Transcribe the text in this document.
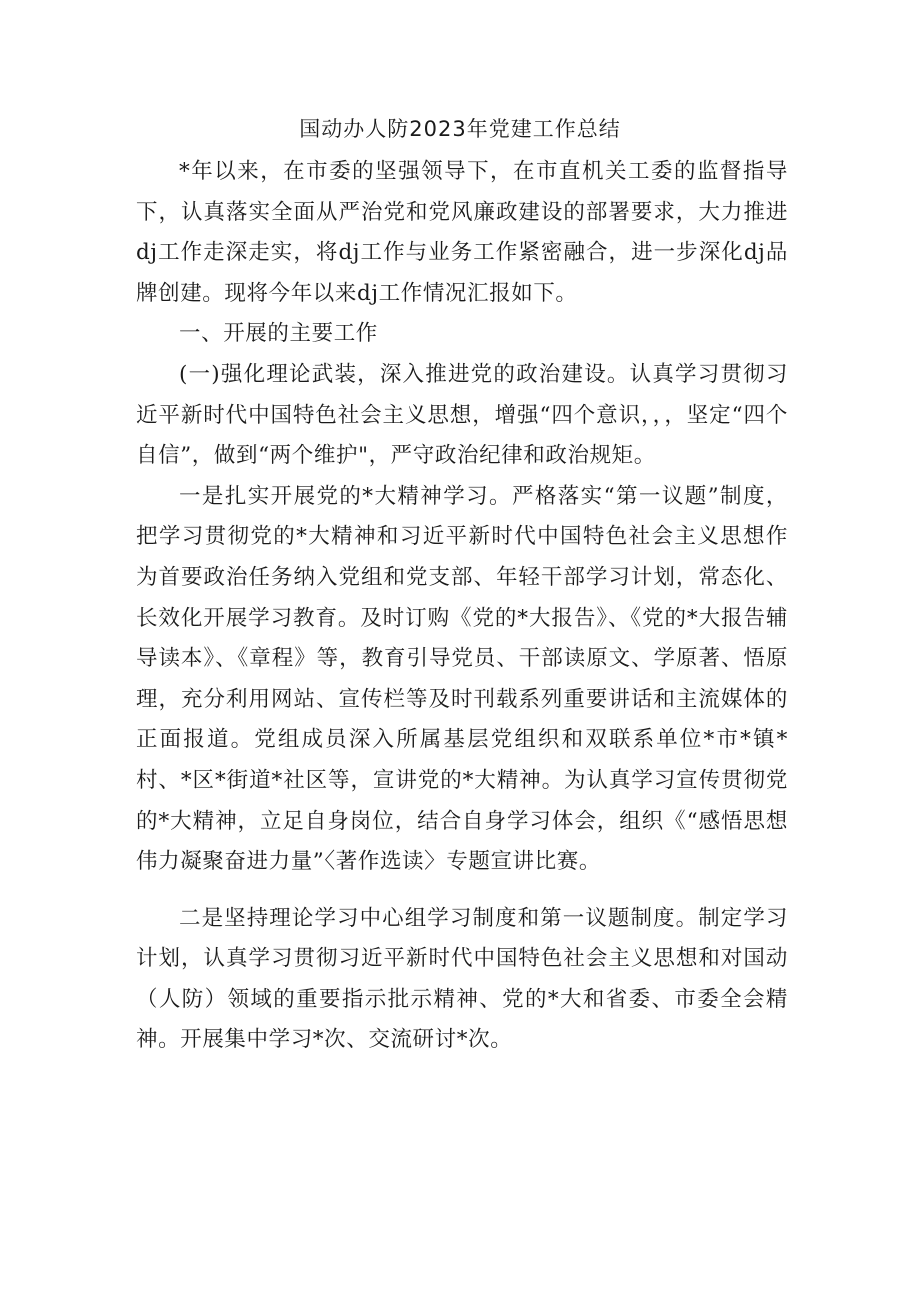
国动办人防2023年党建工作总结

*年以来，在市委的坚强领导下，在市直机关工委的监督指导下，认真落实全面从严治党和党风廉政建设的部署要求，大力推进dj工作走深走实，将dj工作与业务工作紧密融合，进一步深化dj品牌创建。现将今年以来dj工作情况汇报如下。

一、开展的主要工作

(一)强化理论武装，深入推进党的政治建设。认真学习贯彻习近平新时代中国特色社会主义思想，增强“四个意识，，，坚定“四个自信”，做到“两个维护"，严守政治纪律和政治规矩。

一是扎实开展党的*大精神学习。严格落实“第一议题”制度，把学习贯彻党的*大精神和习近平新时代中国特色社会主义思想作为首要政治任务纳入党组和党支部、年轻干部学习计划，常态化、长效化开展学习教育。及时订购《党的*大报告》、《党的*大报告辅导读本》、《章程》等，教育引导党员、干部读原文、学原著、悟原理，充分利用网站、宣传栏等及时刊载系列重要讲话和主流媒体的正面报道。党组成员深入所属基层党组织和双联系单位*市*镇*村、*区*街道*社区等，宣讲党的*大精神。为认真学习宣传贯彻党的*大精神，立足自身岗位，结合自身学习体会，组织《“感悟思想伟力凝聚奋进力量”〈著作选读〉专题宣讲比赛。

二是坚持理论学习中心组学习制度和第一议题制度。制定学习计划，认真学习贯彻习近平新时代中国特色社会主义思想和对国动（人防）领域的重要指示批示精神、党的*大和省委、市委全会精神。开展集中学习*次、交流研讨*次。
